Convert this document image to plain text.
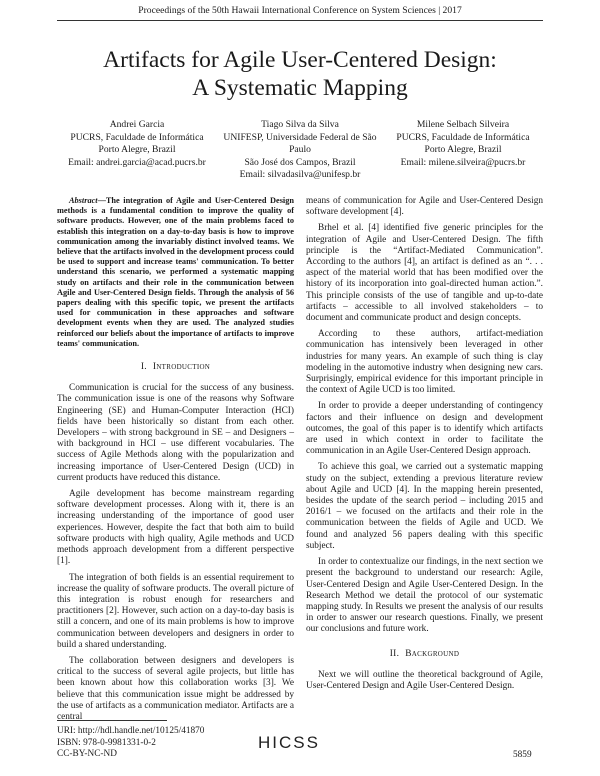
Proceedings of the 50th Hawaii International Conference on System Sciences | 2017
Artifacts for Agile User-Centered Design:
A Systematic Mapping
Andrei Garcia
PUCRS, Faculdade de Informática
Porto Alegre, Brazil
Email: andrei.garcia@acad.pucrs.br
Tiago Silva da Silva
UNIFESP, Universidade Federal de São Paulo
São José dos Campos, Brazil
Email: silvadasilva@unifesp.br
Milene Selbach Silveira
PUCRS, Faculdade de Informática
Porto Alegre, Brazil
Email: milene.silveira@pucrs.br

Abstract—The integration of Agile and User-Centered Design methods is a fundamental condition to improve the quality of software products. However, one of the main problems faced to establish this integration on a day-to-day basis is how to improve communication among the invariably distinct involved teams. We believe that the artifacts involved in the development process could be used to support and increase teams' communication. To better understand this scenario, we performed a systematic mapping study on artifacts and their role in the communication between Agile and User-Centered Design fields. Through the analysis of 56 papers dealing with this specific topic, we present the artifacts used for communication in these approaches and software development events when they are used. The analyzed studies reinforced our beliefs about the importance of artifacts to improve teams' communication.

I. Introduction

Communication is crucial for the success of any business. The communication issue is one of the reasons why Software Engineering (SE) and Human-Computer Interaction (HCI) fields have been historically so distant from each other. Developers – with strong background in SE – and Designers – with background in HCI – use different vocabularies. The success of Agile Methods along with the popularization and increasing importance of User-Centered Design (UCD) in current products have reduced this distance.

Agile development has become mainstream regarding software development processes. Along with it, there is an increasing understanding of the importance of good user experiences. However, despite the fact that both aim to build software products with high quality, Agile methods and UCD methods approach development from a different perspective [1].

The integration of both fields is an essential requirement to increase the quality of software products. The overall picture of this integration is robust enough for researchers and practitioners [2]. However, such action on a day-to-day basis is still a concern, and one of its main problems is how to improve communication between developers and designers in order to build a shared understanding.

The collaboration between designers and developers is critical to the success of several agile projects, but little has been known about how this collaboration works [3]. We believe that this communication issue might be addressed by the use of artifacts as a communication mediator. Artifacts are a central

means of communication for Agile and User-Centered Design software development [4].

Brhel et al. [4] identified five generic principles for the integration of Agile and User-Centered Design. The fifth principle is the “Artifact-Mediated Communication”. According to the authors [4], an artifact is defined as an “. . . aspect of the material world that has been modified over the history of its incorporation into goal-directed human action.”. This principle consists of the use of tangible and up-to-date artifacts – accessible to all involved stakeholders – to document and communicate product and design concepts.

According to these authors, artifact-mediation communication has intensively been leveraged in other industries for many years. An example of such thing is clay modeling in the automotive industry when designing new cars. Surprisingly, empirical evidence for this important principle in the context of Agile UCD is too limited.

In order to provide a deeper understanding of contingency factors and their influence on design and development outcomes, the goal of this paper is to identify which artifacts are used in which context in order to facilitate the communication in an Agile User-Centered Design approach.

To achieve this goal, we carried out a systematic mapping study on the subject, extending a previous literature review about Agile and UCD [4]. In the mapping herein presented, besides the update of the search period – including 2015 and 2016/1 – we focused on the artifacts and their role in the communication between the fields of Agile and UCD. We found and analyzed 56 papers dealing with this specific subject.

In order to contextualize our findings, in the next section we present the background to understand our research: Agile, User-Centered Design and Agile User-Centered Design. In the Research Method we detail the protocol of our systematic mapping study. In Results we present the analysis of our results in order to answer our research questions. Finally, we present our conclusions and future work.

II. Background

Next we will outline the theoretical background of Agile, User-Centered Design and Agile User-Centered Design.

URI: http://hdl.handle.net/10125/41870
ISBN: 978-0-9981331-0-2
CC-BY-NC-ND
HICSS
5859
